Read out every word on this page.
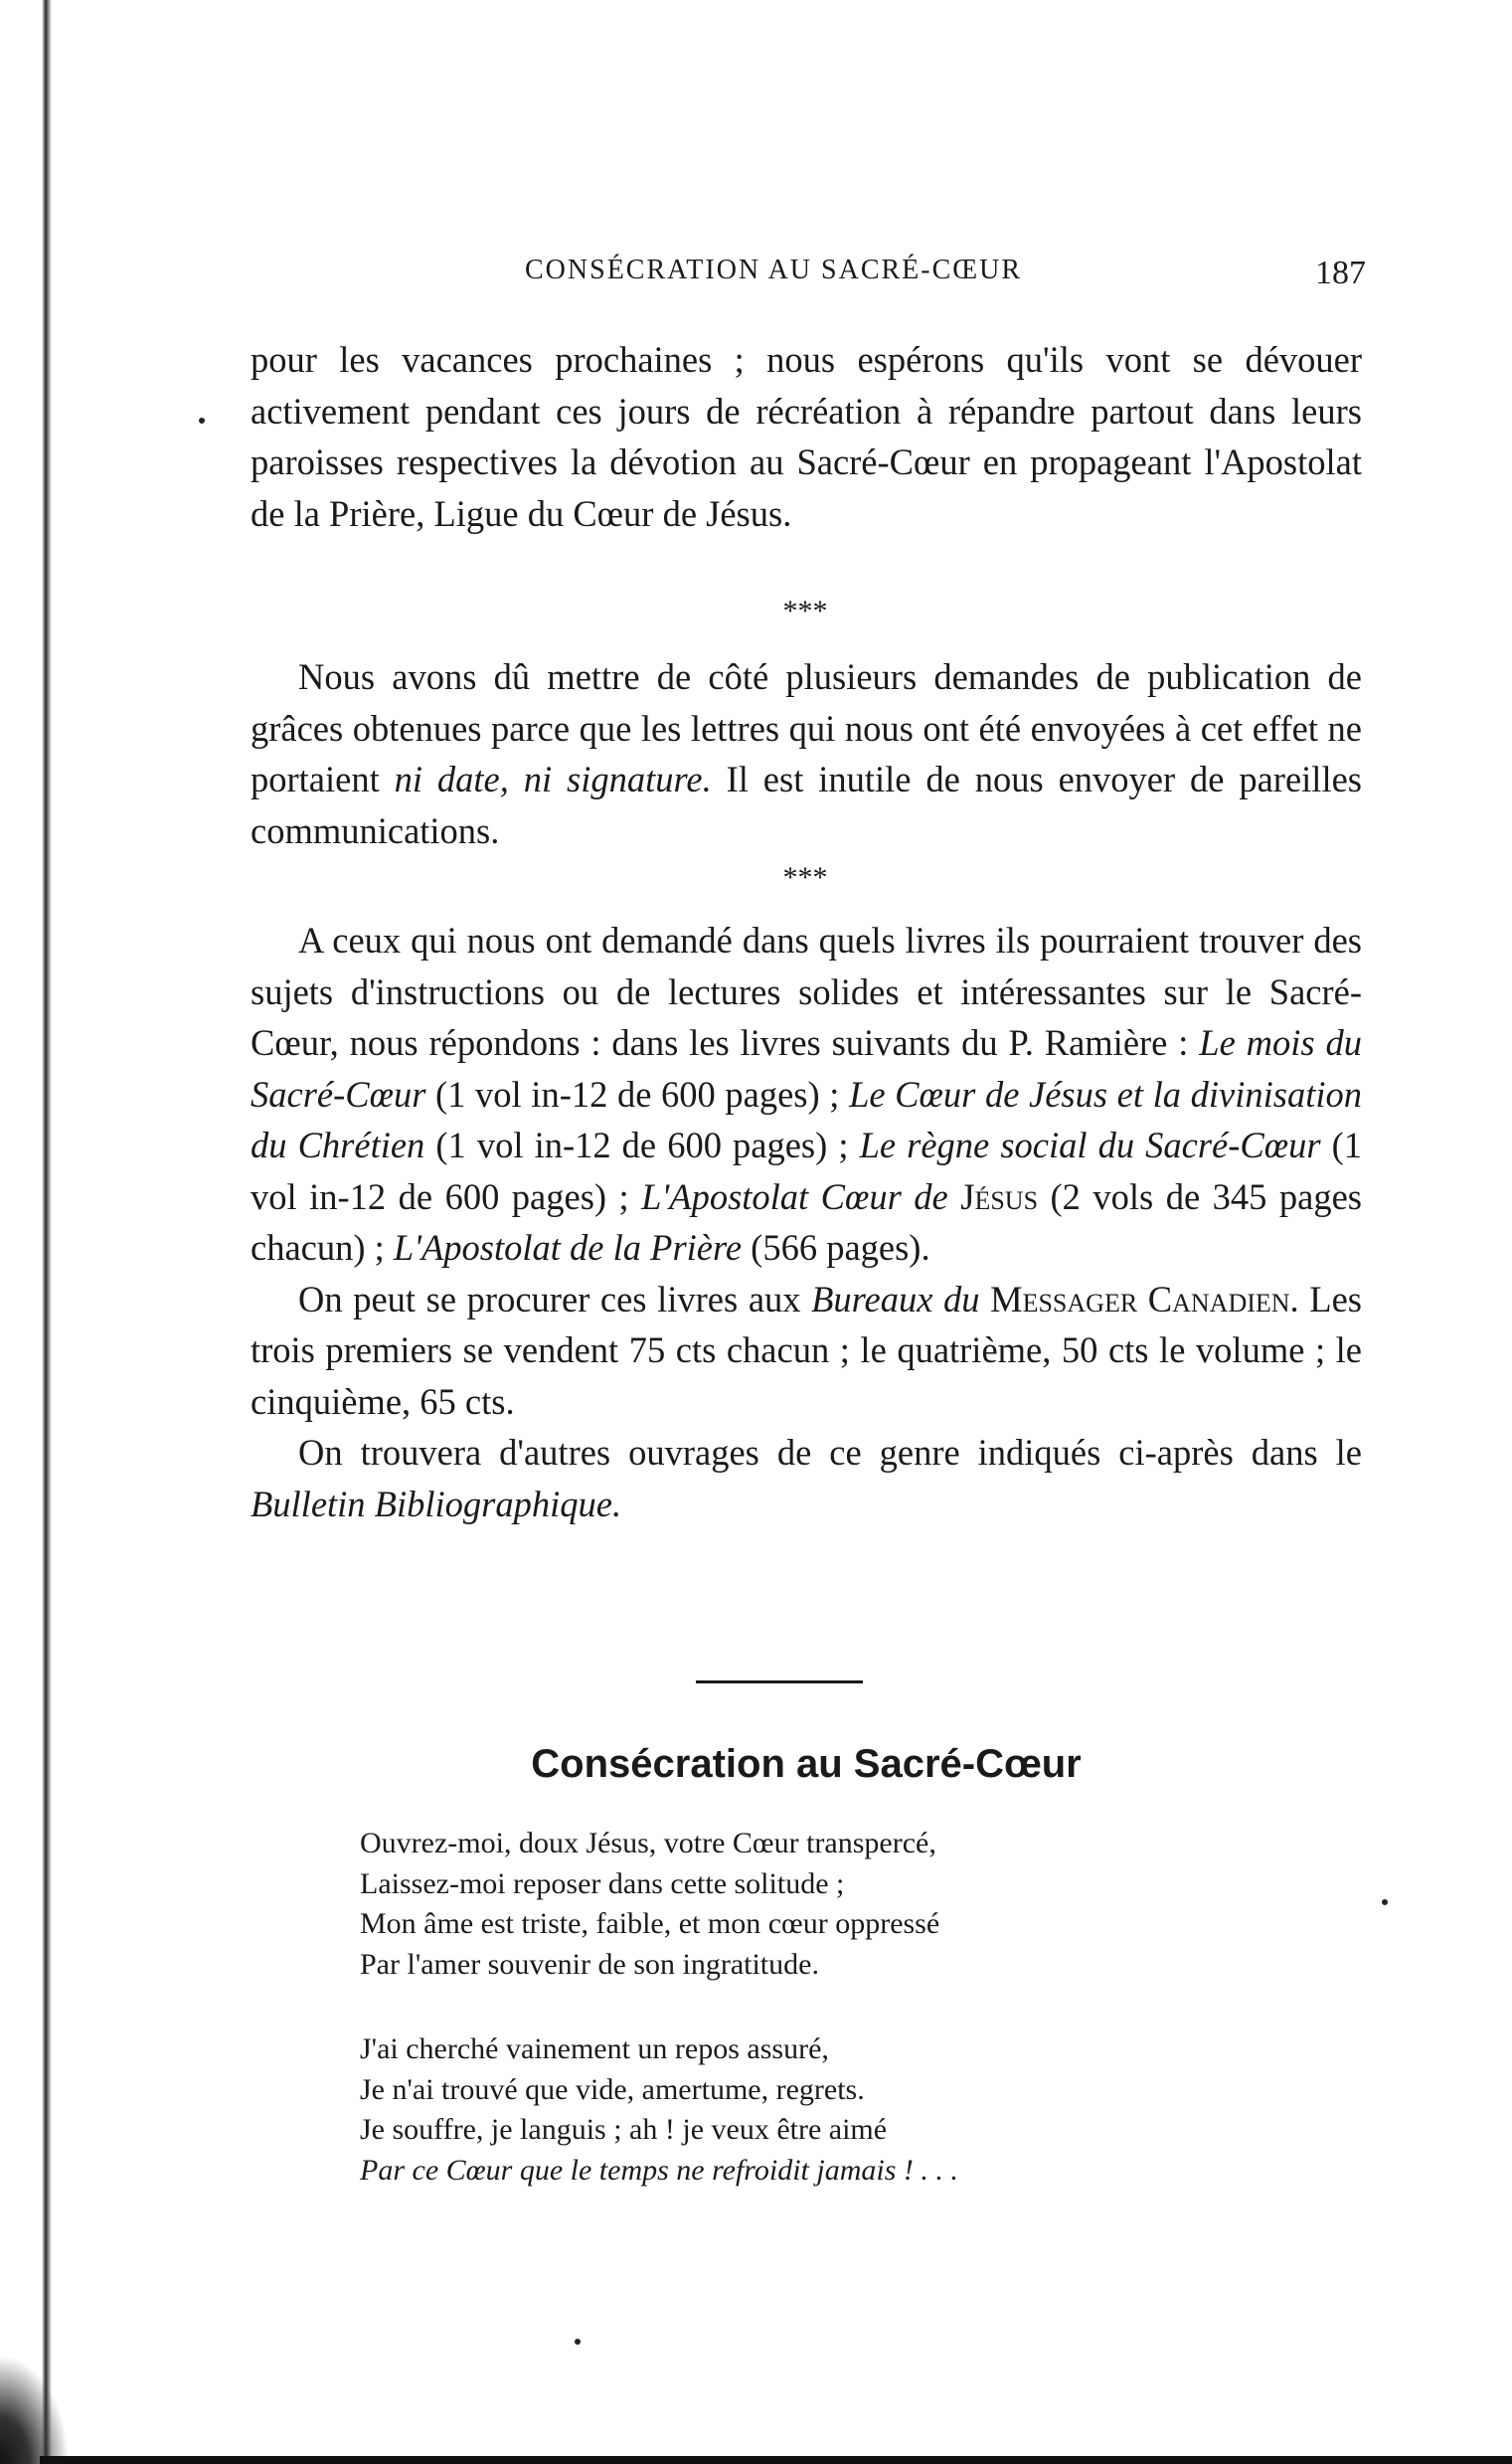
CONSÉCRATION AU SACRÉ-CŒUR	187

pour les vacances prochaines ; nous espérons qu'ils vont se dévouer activement pendant ces jours de récréation à répandre partout dans leurs paroisses respectives la dévotion au Sacré-Cœur en propageant l'Apostolat de la Prière, Ligue du Cœur de Jésus.

***

Nous avons dû mettre de côté plusieurs demandes de publication de grâces obtenues parce que les lettres qui nous ont été envoyées à cet effet ne portaient ni date, ni signature. Il est inutile de nous envoyer de pareilles communications.

***

A ceux qui nous ont demandé dans quels livres ils pourraient trouver des sujets d'instructions ou de lectures solides et intéressantes sur le Sacré-Cœur, nous répondons : dans les livres suivants du P. Ramière : Le mois du Sacré-Cœur (1 vol in-12 de 600 pages) ; Le Cœur de Jésus et la divinisation du Chrétien (1 vol in-12 de 600 pages) ; Le règne social du Sacré-Cœur (1 vol in-12 de 600 pages) ; L'Apostolat Cœur de Jésus (2 vols de 345 pages chacun) ; L'Apostolat de la Prière (566 pages).

On peut se procurer ces livres aux Bureaux du Messager Canadien. Les trois premiers se vendent 75 cts chacun ; le quatrième, 50 cts le volume ; le cinquième, 65 cts.

On trouvera d'autres ouvrages de ce genre indiqués ci-après dans le Bulletin Bibliographique.

Consécration au Sacré-Cœur
Ouvrez-moi, doux Jésus, votre Cœur transpercé,
Laissez-moi reposer dans cette solitude ;
Mon âme est triste, faible, et mon cœur oppressé
Par l'amer souvenir de son ingratitude.
J'ai cherché vainement un repos assuré,
Je n'ai trouvé que vide, amertume, regrets.
Je souffre, je languis ; ah ! je veux être aimé
Par ce Cœur que le temps ne refroidit jamais ! . . .
